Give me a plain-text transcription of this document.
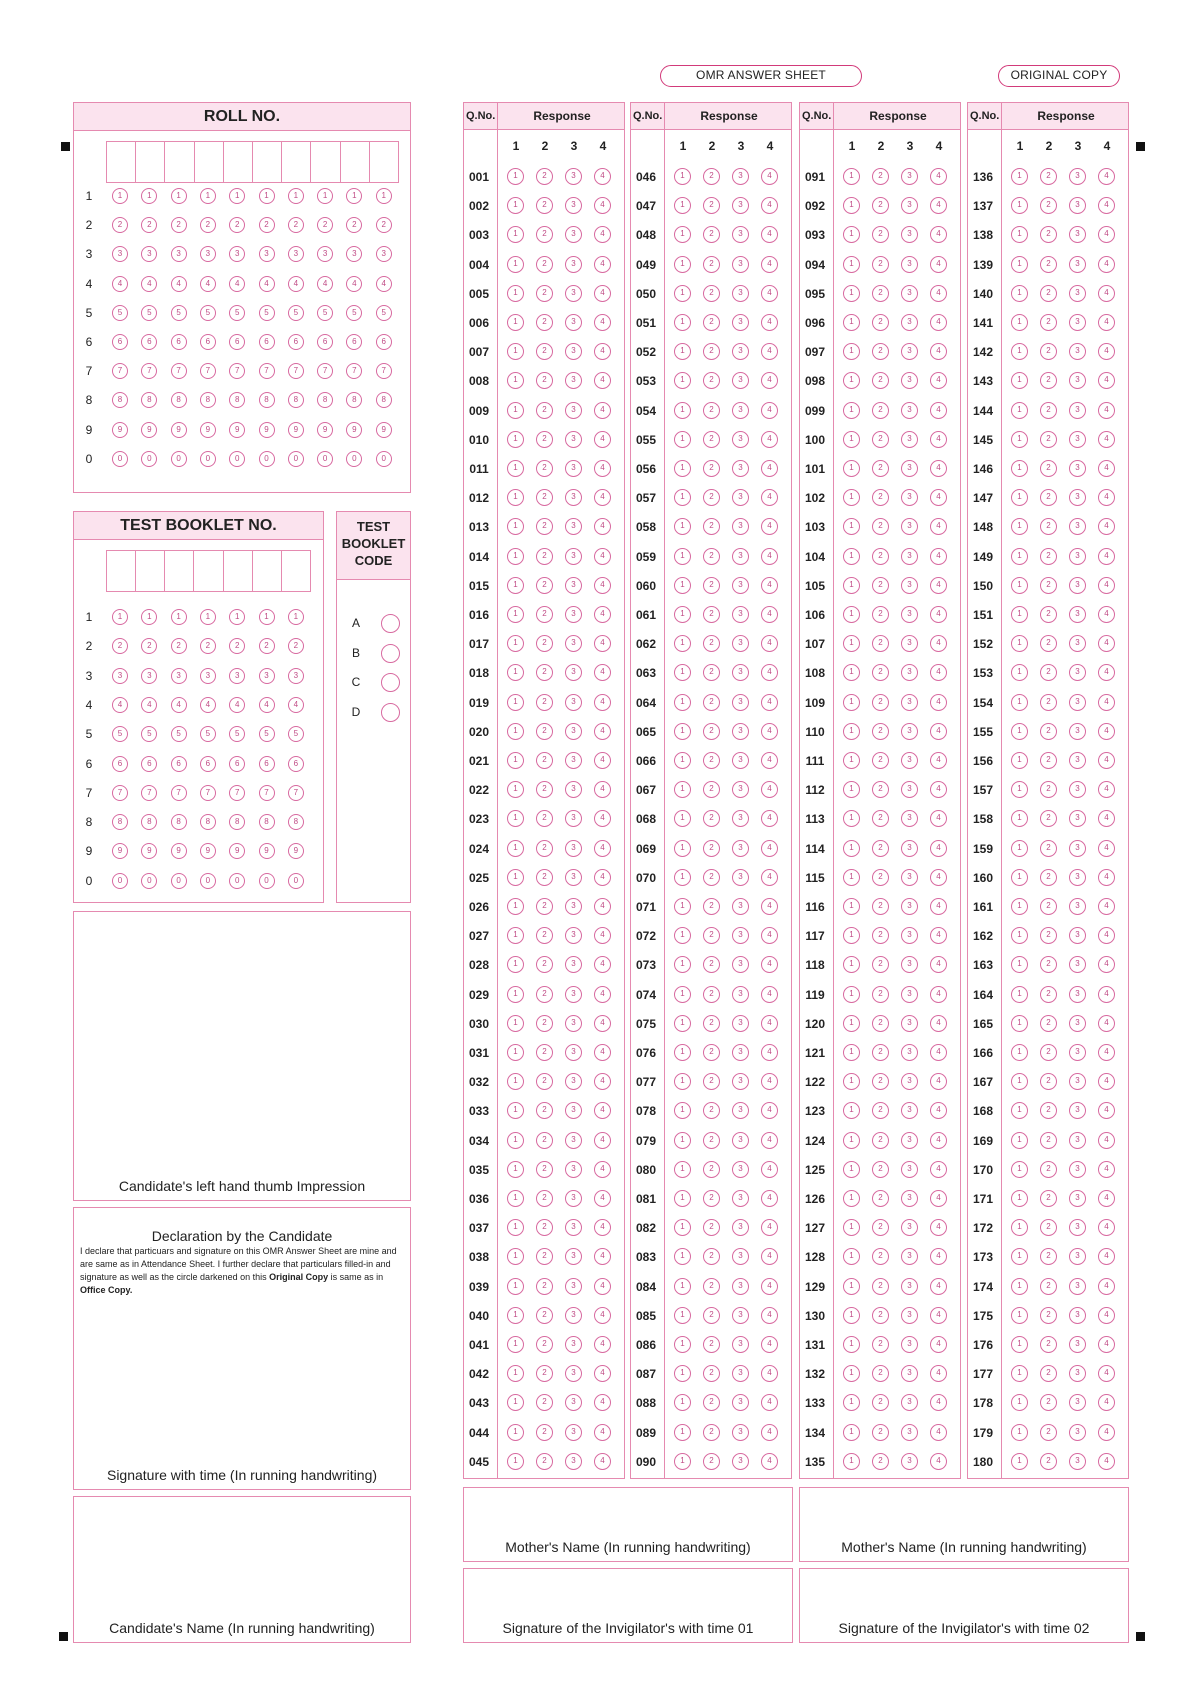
OMR ANSWER SHEET	ORIGINAL COPY
ROLL NO.
1	1	1	1	1	1	1	1	1	1	1
2	2	2	2	2	2	2	2	2	2	2
3	3	3	3	3	3	3	3	3	3	3
4	4	4	4	4	4	4	4	4	4	4
5	5	5	5	5	5	5	5	5	5	5
6	6	6	6	6	6	6	6	6	6	6
7	7	7	7	7	7	7	7	7	7	7
8	8	8	8	8	8	8	8	8	8	8
9	9	9	9	9	9	9	9	9	9	9
0	0	0	0	0	0	0	0	0	0	0
TEST BOOKLET NO.
1	1	1	1	1	1	1	1
2	2	2	2	2	2	2	2
3	3	3	3	3	3	3	3
4	4	4	4	4	4	4	4
5	5	5	5	5	5	5	5
6	6	6	6	6	6	6	6
7	7	7	7	7	7	7	7
8	8	8	8	8	8	8	8
9	9	9	9	9	9	9	9
0	0	0	0	0	0	0	0
TEST
BOOKLET
CODE
A
B
C
D
Candidate's left hand thumb Impression
Declaration by the Candidate
I declare that particuars and signature on this OMR Answer Sheet are mine and are same as in Attendance Sheet. I further declare that particulars filled-in and signature as well as the circle darkened on this Original Copy is same as in Office Copy.
Signature with time (In running handwriting)
Candidate's Name (In running handwriting)
Q.No.	Response
1	2	3	4
001	1	2	3	4
002	1	2	3	4
003	1	2	3	4
004	1	2	3	4
005	1	2	3	4
006	1	2	3	4
007	1	2	3	4
008	1	2	3	4
009	1	2	3	4
010	1	2	3	4
011	1	2	3	4
012	1	2	3	4
013	1	2	3	4
014	1	2	3	4
015	1	2	3	4
016	1	2	3	4
017	1	2	3	4
018	1	2	3	4
019	1	2	3	4
020	1	2	3	4
021	1	2	3	4
022	1	2	3	4
023	1	2	3	4
024	1	2	3	4
025	1	2	3	4
026	1	2	3	4
027	1	2	3	4
028	1	2	3	4
029	1	2	3	4
030	1	2	3	4
031	1	2	3	4
032	1	2	3	4
033	1	2	3	4
034	1	2	3	4
035	1	2	3	4
036	1	2	3	4
037	1	2	3	4
038	1	2	3	4
039	1	2	3	4
040	1	2	3	4
041	1	2	3	4
042	1	2	3	4
043	1	2	3	4
044	1	2	3	4
045	1	2	3	4
Q.No.	Response
1	2	3	4
046	1	2	3	4
047	1	2	3	4
048	1	2	3	4
049	1	2	3	4
050	1	2	3	4
051	1	2	3	4
052	1	2	3	4
053	1	2	3	4
054	1	2	3	4
055	1	2	3	4
056	1	2	3	4
057	1	2	3	4
058	1	2	3	4
059	1	2	3	4
060	1	2	3	4
061	1	2	3	4
062	1	2	3	4
063	1	2	3	4
064	1	2	3	4
065	1	2	3	4
066	1	2	3	4
067	1	2	3	4
068	1	2	3	4
069	1	2	3	4
070	1	2	3	4
071	1	2	3	4
072	1	2	3	4
073	1	2	3	4
074	1	2	3	4
075	1	2	3	4
076	1	2	3	4
077	1	2	3	4
078	1	2	3	4
079	1	2	3	4
080	1	2	3	4
081	1	2	3	4
082	1	2	3	4
083	1	2	3	4
084	1	2	3	4
085	1	2	3	4
086	1	2	3	4
087	1	2	3	4
088	1	2	3	4
089	1	2	3	4
090	1	2	3	4
Q.No.	Response
1	2	3	4
091	1	2	3	4
092	1	2	3	4
093	1	2	3	4
094	1	2	3	4
095	1	2	3	4
096	1	2	3	4
097	1	2	3	4
098	1	2	3	4
099	1	2	3	4
100	1	2	3	4
101	1	2	3	4
102	1	2	3	4
103	1	2	3	4
104	1	2	3	4
105	1	2	3	4
106	1	2	3	4
107	1	2	3	4
108	1	2	3	4
109	1	2	3	4
110	1	2	3	4
111	1	2	3	4
112	1	2	3	4
113	1	2	3	4
114	1	2	3	4
115	1	2	3	4
116	1	2	3	4
117	1	2	3	4
118	1	2	3	4
119	1	2	3	4
120	1	2	3	4
121	1	2	3	4
122	1	2	3	4
123	1	2	3	4
124	1	2	3	4
125	1	2	3	4
126	1	2	3	4
127	1	2	3	4
128	1	2	3	4
129	1	2	3	4
130	1	2	3	4
131	1	2	3	4
132	1	2	3	4
133	1	2	3	4
134	1	2	3	4
135	1	2	3	4
Q.No.	Response
1	2	3	4
136	1	2	3	4
137	1	2	3	4
138	1	2	3	4
139	1	2	3	4
140	1	2	3	4
141	1	2	3	4
142	1	2	3	4
143	1	2	3	4
144	1	2	3	4
145	1	2	3	4
146	1	2	3	4
147	1	2	3	4
148	1	2	3	4
149	1	2	3	4
150	1	2	3	4
151	1	2	3	4
152	1	2	3	4
153	1	2	3	4
154	1	2	3	4
155	1	2	3	4
156	1	2	3	4
157	1	2	3	4
158	1	2	3	4
159	1	2	3	4
160	1	2	3	4
161	1	2	3	4
162	1	2	3	4
163	1	2	3	4
164	1	2	3	4
165	1	2	3	4
166	1	2	3	4
167	1	2	3	4
168	1	2	3	4
169	1	2	3	4
170	1	2	3	4
171	1	2	3	4
172	1	2	3	4
173	1	2	3	4
174	1	2	3	4
175	1	2	3	4
176	1	2	3	4
177	1	2	3	4
178	1	2	3	4
179	1	2	3	4
180	1	2	3	4
Mother's Name (In running handwriting)	Mother's Name (In running handwriting)
Signature of the Invigilator's with time 01	Signature of the Invigilator's with time 02
